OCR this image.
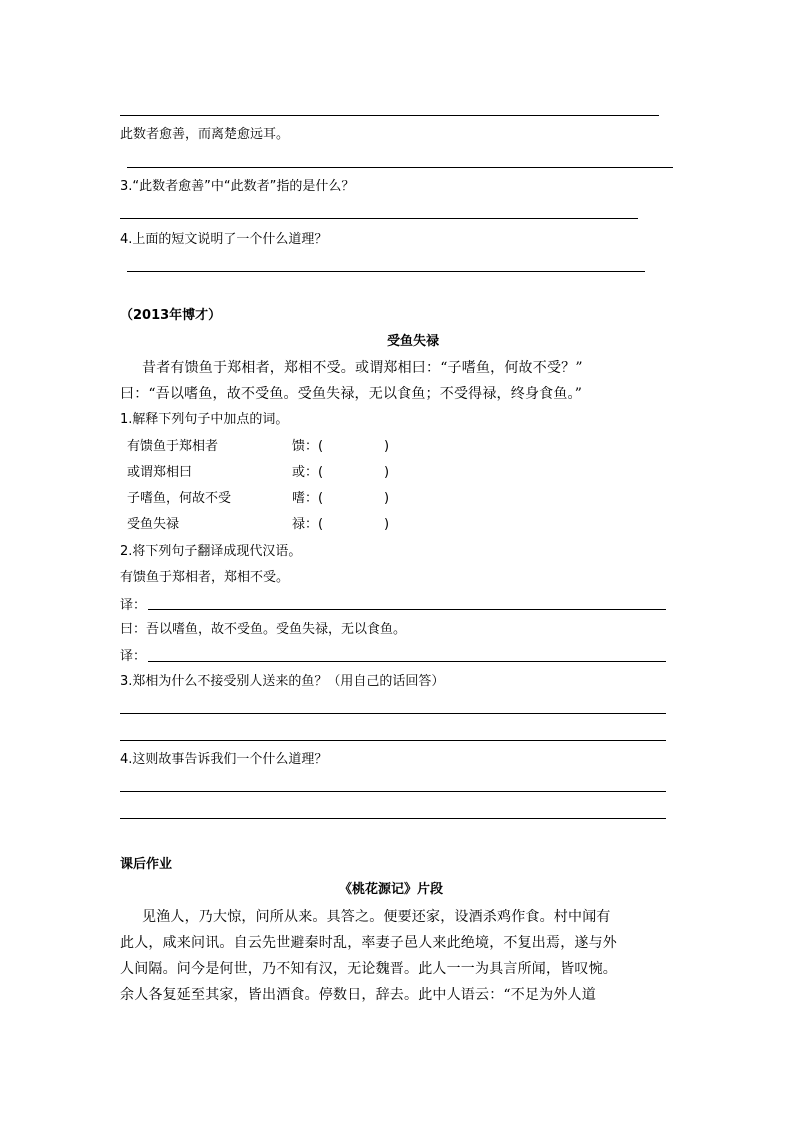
此数者愈善，而离楚愈远耳。
3.“此数者愈善”中“此数者”指的是什么？
4.上面的短文说明了一个什么道理？
（2013年博才）
受鱼失禄
昔者有馈鱼于郑相者，郑相不受。或谓郑相曰：“子嗜鱼，何故不受？”
曰：“吾以嗜鱼，故不受鱼。受鱼失禄，无以食鱼；不受得禄，终身食鱼。”
1.解释下列句子中加点的词。
有馈鱼于郑相者	馈：(	)
或谓郑相曰	或：(	)
子嗜鱼，何故不受	嗜：(	)
受鱼失禄	禄：(	)
2.将下列句子翻译成现代汉语。
有馈鱼于郑相者，郑相不受。
译：
曰：吾以嗜鱼，故不受鱼。受鱼失禄，无以食鱼。
译：
3.郑相为什么不接受别人送来的鱼？（用自己的话回答）
4.这则故事告诉我们一个什么道理？
课后作业
《桃花源记》片段
见渔人，乃大惊，问所从来。具答之。便要还家，设酒杀鸡作食。村中闻有
此人，咸来问讯。自云先世避秦时乱，率妻子邑人来此绝境，不复出焉，遂与外
人间隔。问今是何世，乃不知有汉，无论魏晋。此人一一为具言所闻，皆叹惋。
余人各复延至其家，皆出酒食。停数日，辞去。此中人语云：“不足为外人道
